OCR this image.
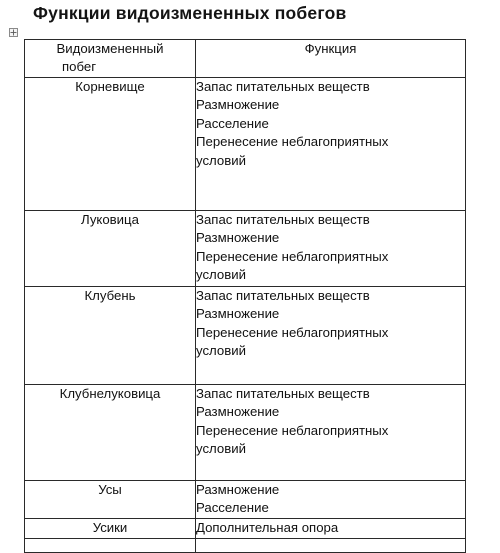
Функции видоизмененных побегов
Видоизмененный
побег	Функция
Корневище	Запас питательных веществ
Размножение
Расселение
Перенесение неблагоприятных
условий

Луковица	Запас питательных веществ
Размножение
Перенесение неблагоприятных
условий

Клубень	Запас питательных веществ
Размножение
Перенесение неблагоприятных
условий

Клубнелуковица	Запас питательных веществ
Размножение
Перенесение неблагоприятных
условий

Усы	Размножение
Расселение

Усики	Дополнительная опора
